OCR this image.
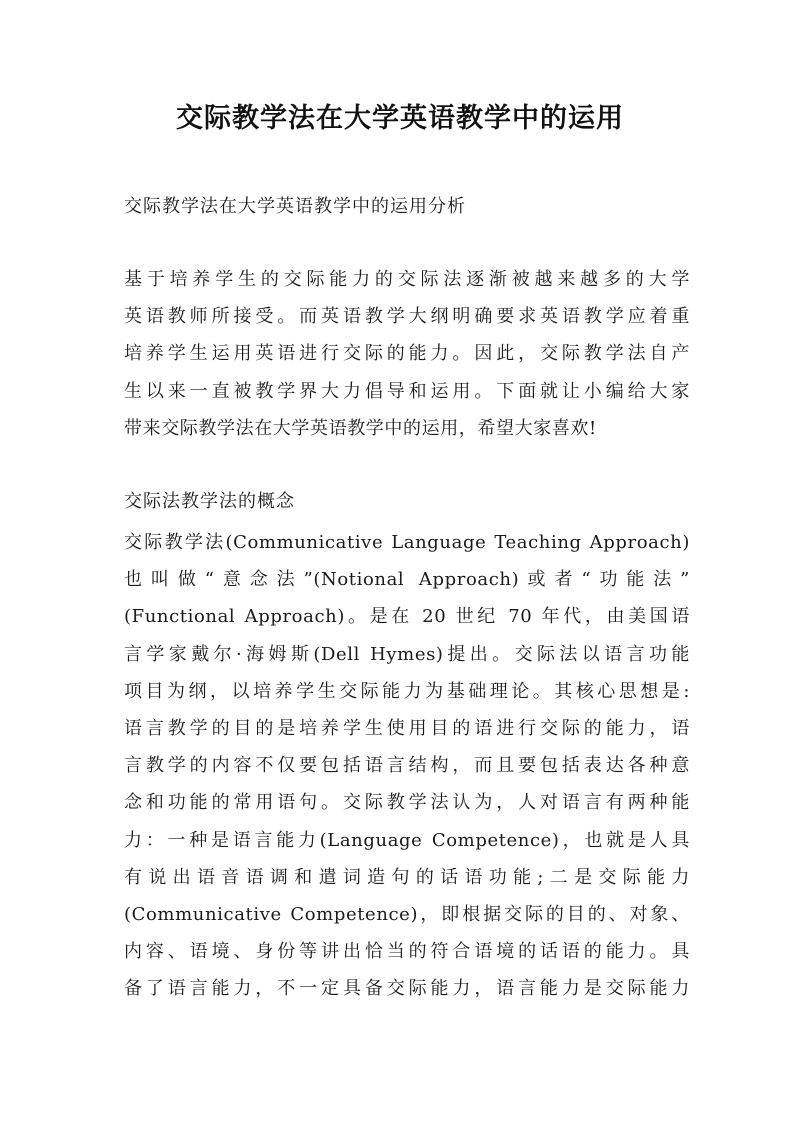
交际教学法在大学英语教学中的运用
交际教学法在大学英语教学中的运用分析
基于培养学生的交际能力的交际法逐渐被越来越多的大学
英语教师所接受。而英语教学大纲明确要求英语教学应着重
培养学生运用英语进行交际的能力。因此，交际教学法自产
生以来一直被教学界大力倡导和运用。下面就让小编给大家
带来交际教学法在大学英语教学中的运用，希望大家喜欢!
交际法教学法的概念
交际教学法(Communicative Language Teaching Approach)
也叫做“意念法”(Notional Approach)或者“功能法”
(Functional Approach)。是在 20 世纪 70 年代，由美国语
言学家戴尔·海姆斯(Dell Hymes)提出。交际法以语言功能
项目为纲，以培养学生交际能力为基础理论。其核心思想是:
语言教学的目的是培养学生使用目的语进行交际的能力，语
言教学的内容不仅要包括语言结构，而且要包括表达各种意
念和功能的常用语句。交际教学法认为，人对语言有两种能
力：一种是语言能力(Language Competence)，也就是人具
有说出语音语调和遣词造句的话语功能;二是交际能力
(Communicative Competence)，即根据交际的目的、对象、
内容、语境、身份等讲出恰当的符合语境的话语的能力。具
备了语言能力，不一定具备交际能力，语言能力是交际能力
